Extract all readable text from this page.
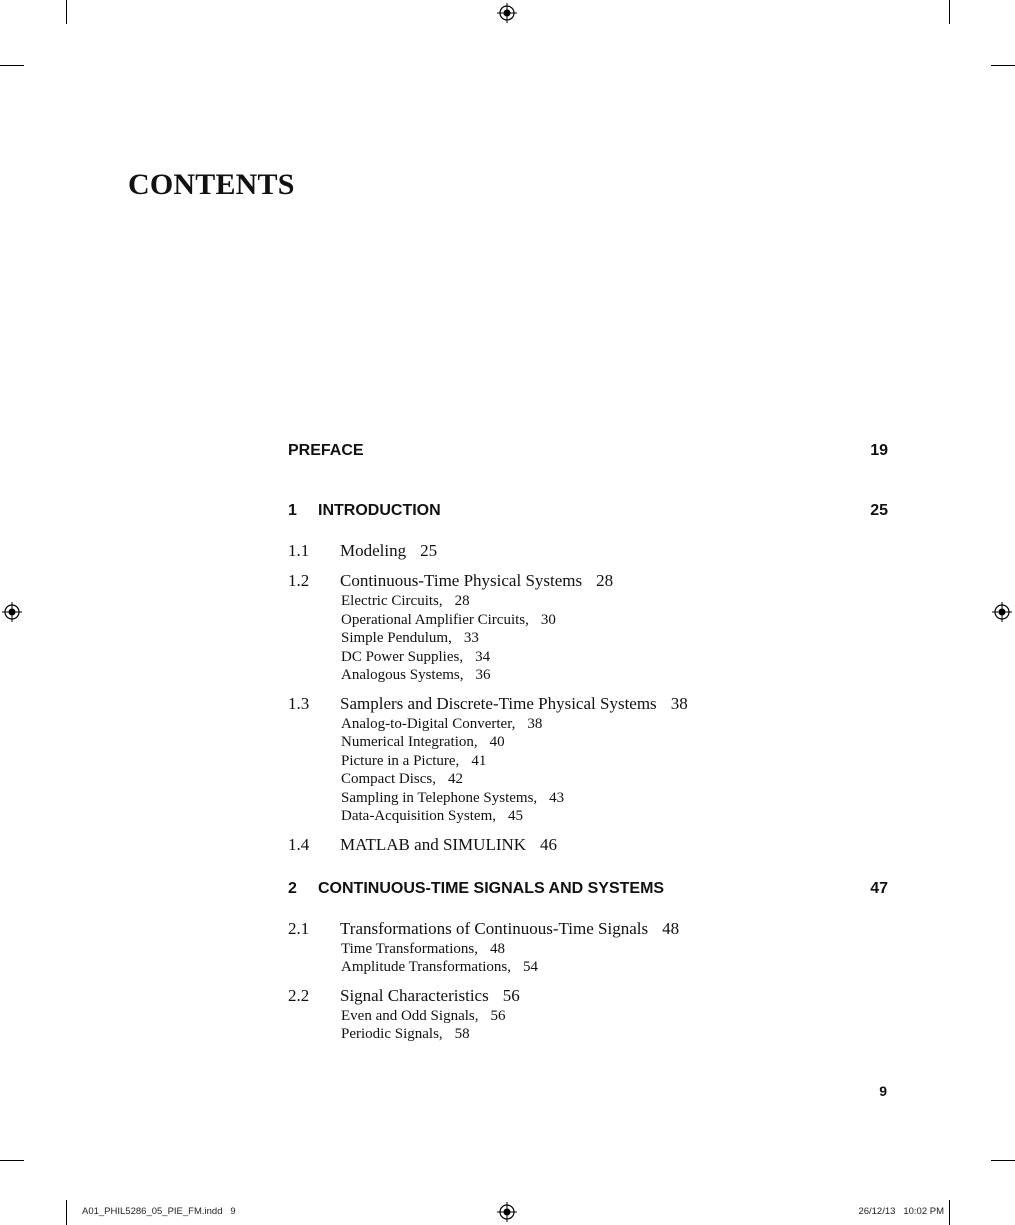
CONTENTS
PREFACE	19
1 INTRODUCTION	25
1.1 Modeling 25
1.2 Continuous-Time Physical Systems 28
Electric Circuits, 28
Operational Amplifier Circuits, 30
Simple Pendulum, 33
DC Power Supplies, 34
Analogous Systems, 36
1.3 Samplers and Discrete-Time Physical Systems 38
Analog-to-Digital Converter, 38
Numerical Integration, 40
Picture in a Picture, 41
Compact Discs, 42
Sampling in Telephone Systems, 43
Data-Acquisition System, 45
1.4 MATLAB and SIMULINK 46
2 CONTINUOUS-TIME SIGNALS AND SYSTEMS	47
2.1 Transformations of Continuous-Time Signals 48
Time Transformations, 48
Amplitude Transformations, 54
2.2 Signal Characteristics 56
Even and Odd Signals, 56
Periodic Signals, 58
9
A01_PHIL5286_05_PIE_FM.indd   9	26/12/13   10:02 PM
